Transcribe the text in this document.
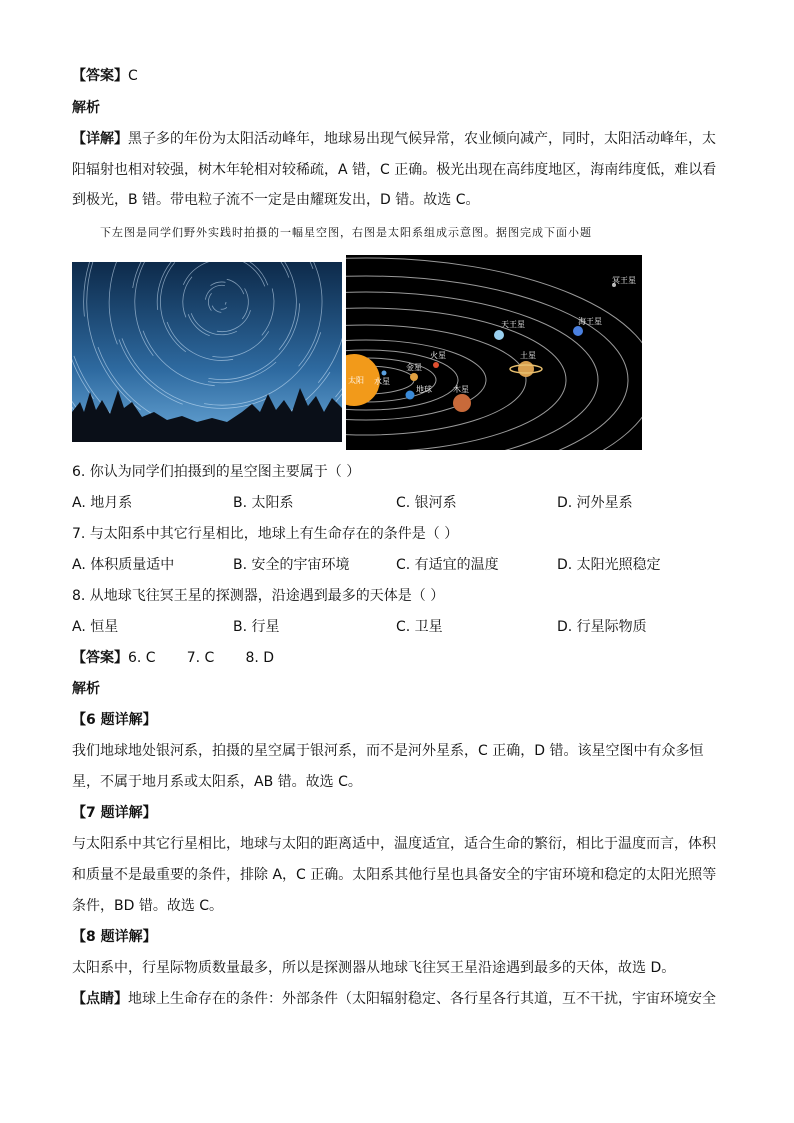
【答案】C
解析
【详解】黑子多的年份为太阳活动峰年，地球易出现气候异常，农业倾向减产，同时，太阳活动峰年，太
阳辐射也相对较强，树木年轮相对较稀疏，A 错，C 正确。极光出现在高纬度地区，海南纬度低，难以看
到极光，B 错。带电粒子流不一定是由耀斑发出，D 错。故选 C。
下左图是同学们野外实践时拍摄的一幅星空图，右图是太阳系组成示意图。据图完成下面小题
太阳 水星
金星
地球
火星
木星
土星
天王星	海王星
冥王星
6. 你认为同学们拍摄到的星空图主要属于（ ）
A. 地月系	B. 太阳系	C. 银河系	D. 河外星系
7. 与太阳系中其它行星相比，地球上有生命存在的条件是（ ）
A. 体积质量适中	B. 安全的宇宙环境	C. 有适宜的温度	D. 太阳光照稳定
8. 从地球飞往冥王星的探测器，沿途遇到最多的天体是（ ）
A. 恒星	B. 行星	C. 卫星	D. 行星际物质
【答案】6. C       7. C       8. D
解析
【6 题详解】
我们地球地处银河系，拍摄的星空属于银河系，而不是河外星系，C 正确，D 错。该星空图中有众多恒
星，不属于地月系或太阳系，AB 错。故选 C。
【7 题详解】
与太阳系中其它行星相比，地球与太阳的距离适中，温度适宜，适合生命的繁衍，相比于温度而言，体积
和质量不是最重要的条件，排除 A，C 正确。太阳系其他行星也具备安全的宇宙环境和稳定的太阳光照等
条件，BD 错。故选 C。
【8 题详解】
太阳系中，行星际物质数量最多，所以是探测器从地球飞往冥王星沿途遇到最多的天体，故选 D。
【点睛】地球上生命存在的条件：外部条件（太阳辐射稳定、各行星各行其道，互不干扰，宇宙环境安全
